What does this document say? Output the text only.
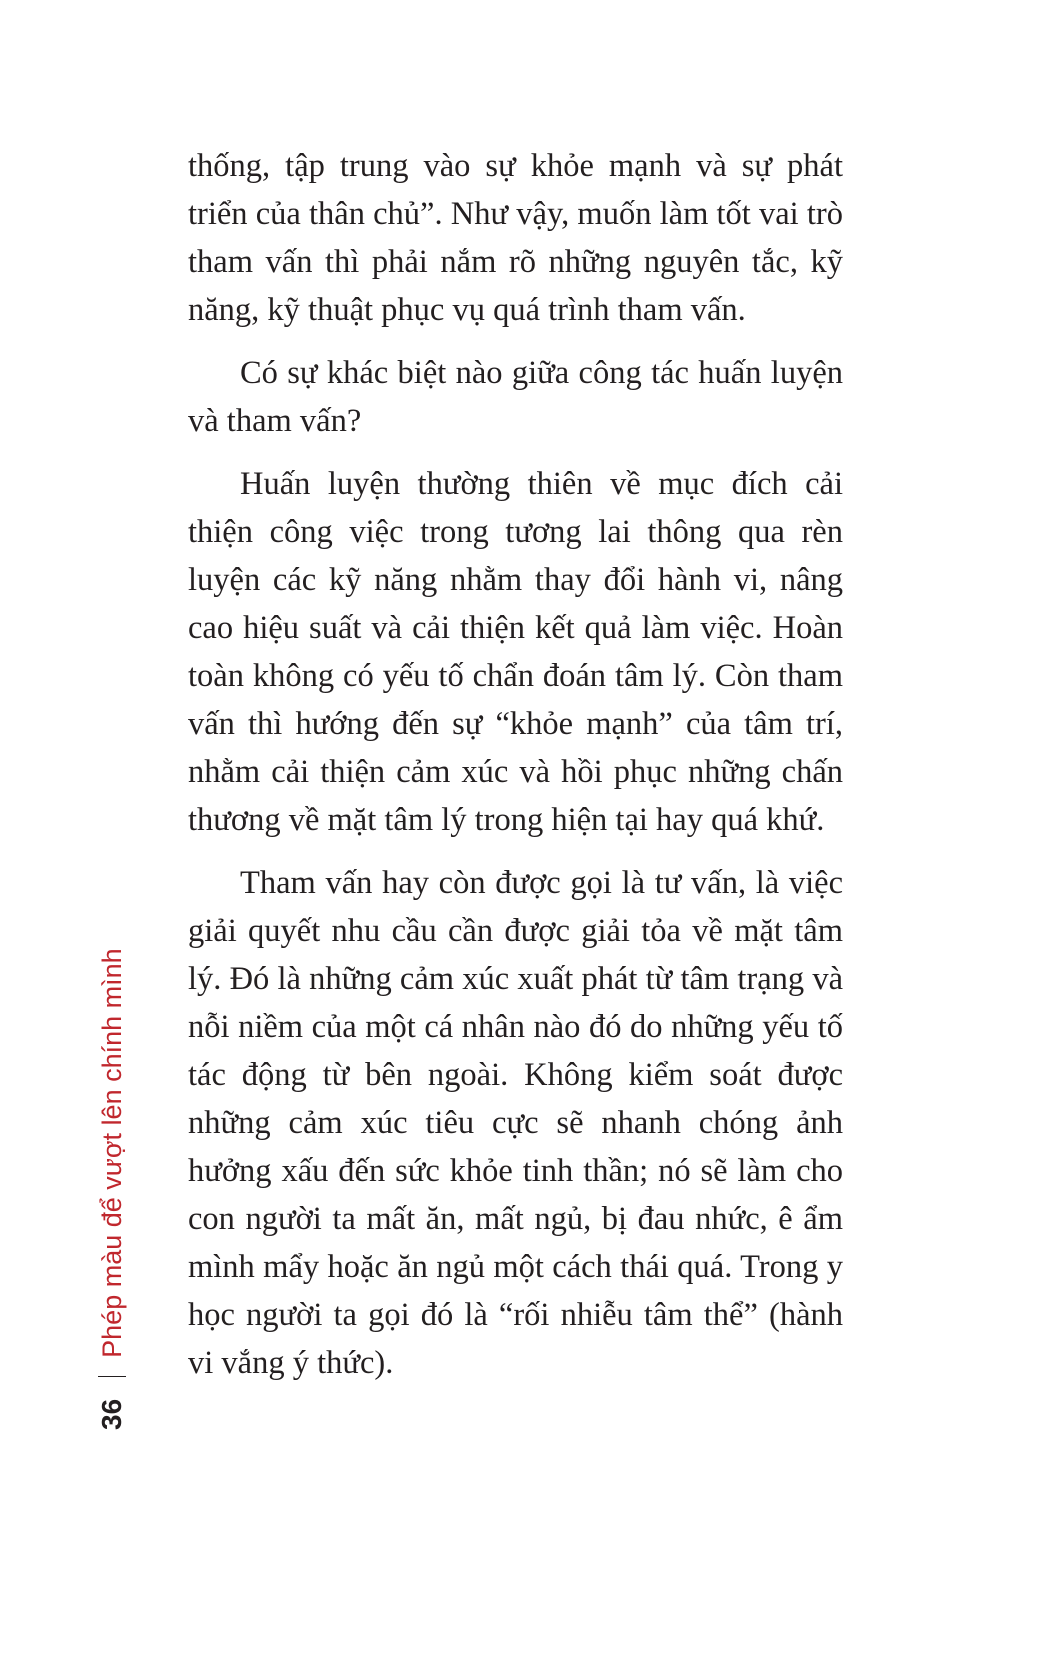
thống, tập trung vào sự khỏe mạnh và sự phát triển của thân chủ”. Như vậy, muốn làm tốt vai trò tham vấn thì phải nắm rõ những nguyên tắc, kỹ năng, kỹ thuật phục vụ quá trình tham vấn.

Có sự khác biệt nào giữa công tác huấn luyện và tham vấn?

Huấn luyện thường thiên về mục đích cải thiện công việc trong tương lai thông qua rèn luyện các kỹ năng nhằm thay đổi hành vi, nâng cao hiệu suất và cải thiện kết quả làm việc. Hoàn toàn không có yếu tố chẩn đoán tâm lý. Còn tham vấn thì hướng đến sự “khỏe mạnh” của tâm trí, nhằm cải thiện cảm xúc và hồi phục những chấn thương về mặt tâm lý trong hiện tại hay quá khứ.

Tham vấn hay còn được gọi là tư vấn, là việc giải quyết nhu cầu cần được giải tỏa về mặt tâm lý. Đó là những cảm xúc xuất phát từ tâm trạng và nỗi niềm của một cá nhân nào đó do những yếu tố tác động từ bên ngoài. Không kiểm soát được những cảm xúc tiêu cực sẽ nhanh chóng ảnh hưởng xấu đến sức khỏe tinh thần; nó sẽ làm cho con người ta mất ăn, mất ngủ, bị đau nhức, ê ẩm mình mẩy hoặc ăn ngủ một cách thái quá. Trong y học người ta gọi đó là “rối nhiễu tâm thể” (hành vi vắng ý thức).

36
Phép màu để vượt lên chính mình
